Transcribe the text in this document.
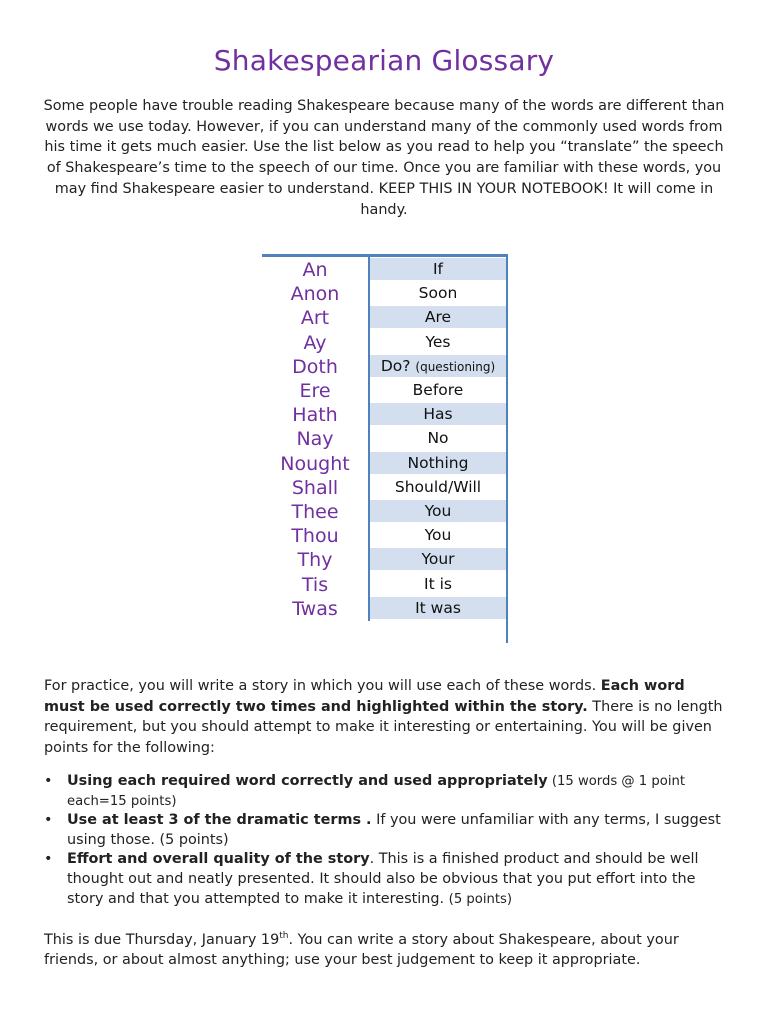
Shakespearian Glossary
Some people have trouble reading Shakespeare because many of the words are different than words we use today. However, if you can understand many of the commonly used words from his time it gets much easier. Use the list below as you read to help you “translate” the speech of Shakespeare’s time to the speech of our time. Once you are familiar with these words, you may find Shakespeare easier to understand. KEEP THIS IN YOUR NOTEBOOK! It will come in handy.
An	If
Anon	Soon
Art	Are
Ay	Yes
Doth	Do? (questioning)
Ere	Before
Hath	Has
Nay	No
Nought	Nothing
Shall	Should/Will
Thee	You
Thou	You
Thy	Your
Tis	It is
Twas	It was
For practice, you will write a story in which you will use each of these words. Each word must be used correctly two times and highlighted within the story. There is no length requirement, but you should attempt to make it interesting or entertaining. You will be given points for the following:
• Using each required word correctly and used appropriately (15 words @ 1 point each=15 points)
• Use at least 3 of the dramatic terms . If you were unfamiliar with any terms, I suggest using those. (5 points)
• Effort and overall quality of the story. This is a finished product and should be well thought out and neatly presented. It should also be obvious that you put effort into the story and that you attempted to make it interesting. (5 points)
This is due Thursday, January 19th. You can write a story about Shakespeare, about your friends, or about almost anything; use your best judgement to keep it appropriate.
